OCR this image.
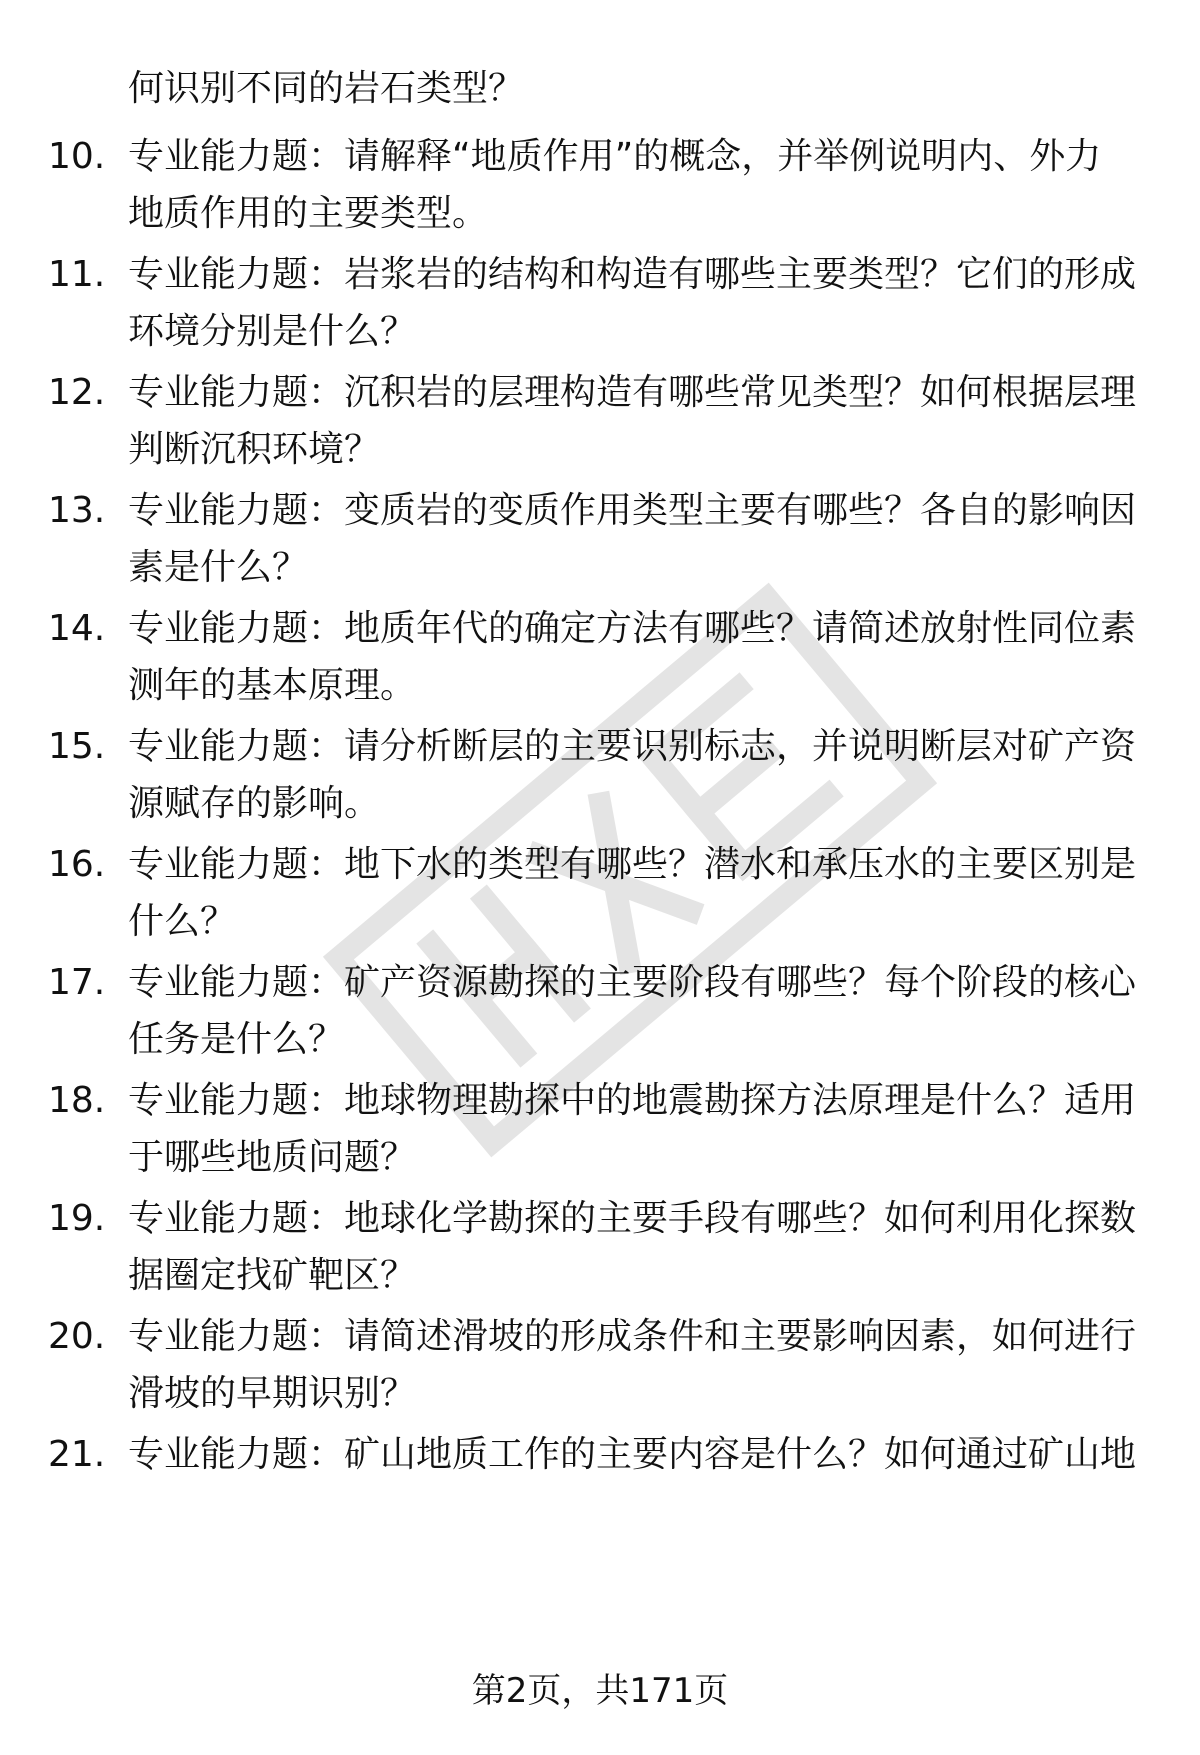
何识别不同的岩石类型？
10. 专业能力题：请解释“地质作用”的概念，并举例说明内、外力
地质作用的主要类型。
11. 专业能力题：岩浆岩的结构和构造有哪些主要类型？它们的形成
环境分别是什么？
12. 专业能力题：沉积岩的层理构造有哪些常见类型？如何根据层理
判断沉积环境？
13. 专业能力题：变质岩的变质作用类型主要有哪些？各自的影响因
素是什么？
14. 专业能力题：地质年代的确定方法有哪些？请简述放射性同位素
测年的基本原理。
15. 专业能力题：请分析断层的主要识别标志，并说明断层对矿产资
源赋存的影响。
16. 专业能力题：地下水的类型有哪些？潜水和承压水的主要区别是
什么？
17. 专业能力题：矿产资源勘探的主要阶段有哪些？每个阶段的核心
任务是什么？
18. 专业能力题：地球物理勘探中的地震勘探方法原理是什么？适用
于哪些地质问题？
19. 专业能力题：地球化学勘探的主要手段有哪些？如何利用化探数
据圈定找矿靶区？
20. 专业能力题：请简述滑坡的形成条件和主要影响因素，如何进行
滑坡的早期识别？
21. 专业能力题：矿山地质工作的主要内容是什么？如何通过矿山地
第2页，共171页
